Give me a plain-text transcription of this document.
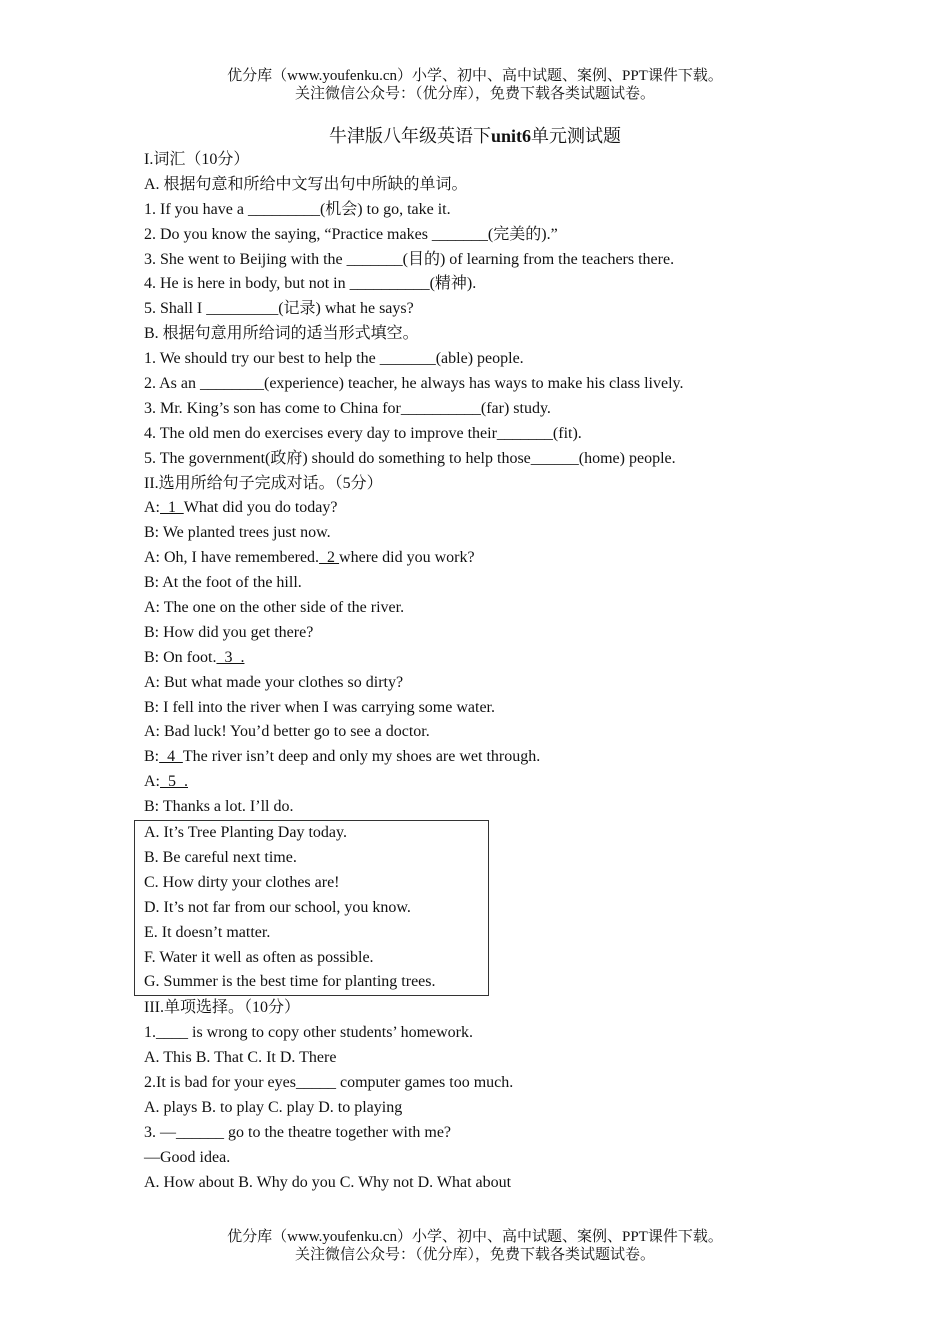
优分库（www.youfenku.cn）小学、初中、高中试题、案例、PPT课件下载。
关注微信公众号：（优分库），免费下载各类试题试卷。
牛津版八年级英语下unit6单元测试题
I.词汇（10分）
A. 根据句意和所给中文写出句中所缺的单词。
1. If you have a _________(机会) to go, take it.
2. Do you know the saying, “Practice makes _______(完美的).”
3. She went to Beijing with the _______(目的) of learning from the teachers there.
4. He is here in body, but not in __________(精神).
5. Shall I _________(记录) what he says?
B. 根据句意用所给词的适当形式填空。
1. We should try our best to help the _______(able) people.
2. As an ________(experience) teacher, he always has ways to make his class lively.
3. Mr. King’s son has come to China for__________(far) study.
4. The old men do exercises every day to improve their_______(fit).
5. The government(政府) should do something to help those______(home) people.
II.选用所给句子完成对话。（5分）
A:  1  What did you do today?
B: We planted trees just now.
A: Oh, I have remembered.  2 where did you work?
B: At the foot of the hill.
A: The one on the other side of the river.
B: How did you get there?
B: On foot.  3  .
A: But what made your clothes so dirty?
B: I fell into the river when I was carrying some water.
A: Bad luck! You’d better go to see a doctor.
B:  4  The river isn’t deep and only my shoes are wet through.
A:  5  .
B: Thanks a lot. I’ll do.
A. It’s Tree Planting Day today.
B. Be careful next time.
C. How dirty your clothes are!
D. It’s not far from our school, you know.
E. It doesn’t matter.
F. Water it well as often as possible.
G. Summer is the best time for planting trees.
III.单项选择。（10分）
1.____ is wrong to copy other students’ homework.
A. This B. That C. It D. There
2.It is bad for your eyes_____ computer games too much.
A. plays B. to play C. play D. to playing
3. —______ go to the theatre together with me?
—Good idea.
A. How about B. Why do you C. Why not D. What about
优分库（www.youfenku.cn）小学、初中、高中试题、案例、PPT课件下载。
关注微信公众号：（优分库），免费下载各类试题试卷。
